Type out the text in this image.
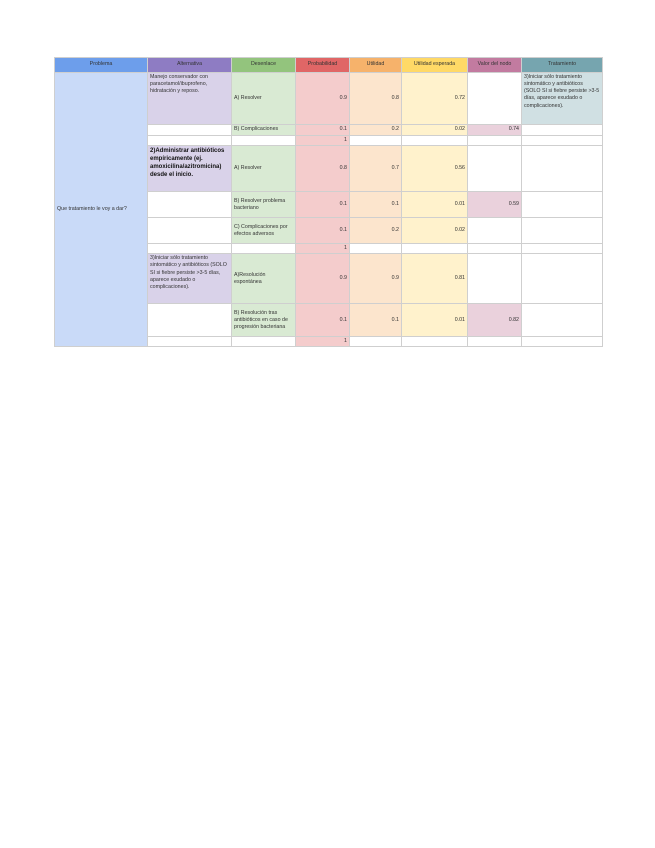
Problema	Alternativa	Desenlace	Probabilidad	Utilidad	Utilidad esperada	Valor del nodo	Tratamiento
Que tratamiento le voy a dar?	Manejo conservador con paracetamol/ibuprofeno, hidratación y reposo.	A) Resolver	0.9	0.8	0.72		3)Iniciar sólo tratamiento sintomático y antibióticos (SOLO SI si fiebre persiste >3-5 días, aparece exudado o complicaciones).
		B) Complicaciones	0.1	0.2	0.02	0.74	
			1				
	2)Administrar antibióticos empíricamente (ej. amoxicilina/azitromicina) desde el inicio.	A) Resolver	0.8	0.7	0.56		
		B) Resolver problema bacteriano	0.1	0.1	0.01	0.59	
		C) Complicaciones por efectos adversos	0.1	0.2	0.02		
			1				
	3)Iniciar sólo tratamiento sintomático y antibióticos (SOLO SI si fiebre persiste >3-5 días, aparece exudado o complicaciones).	A)Resolución espontánea	0.9	0.9	0.81		
		B) Resolución tras antibióticos en caso de progresión bacteriana	0.1	0.1	0.01	0.82	
			1				
